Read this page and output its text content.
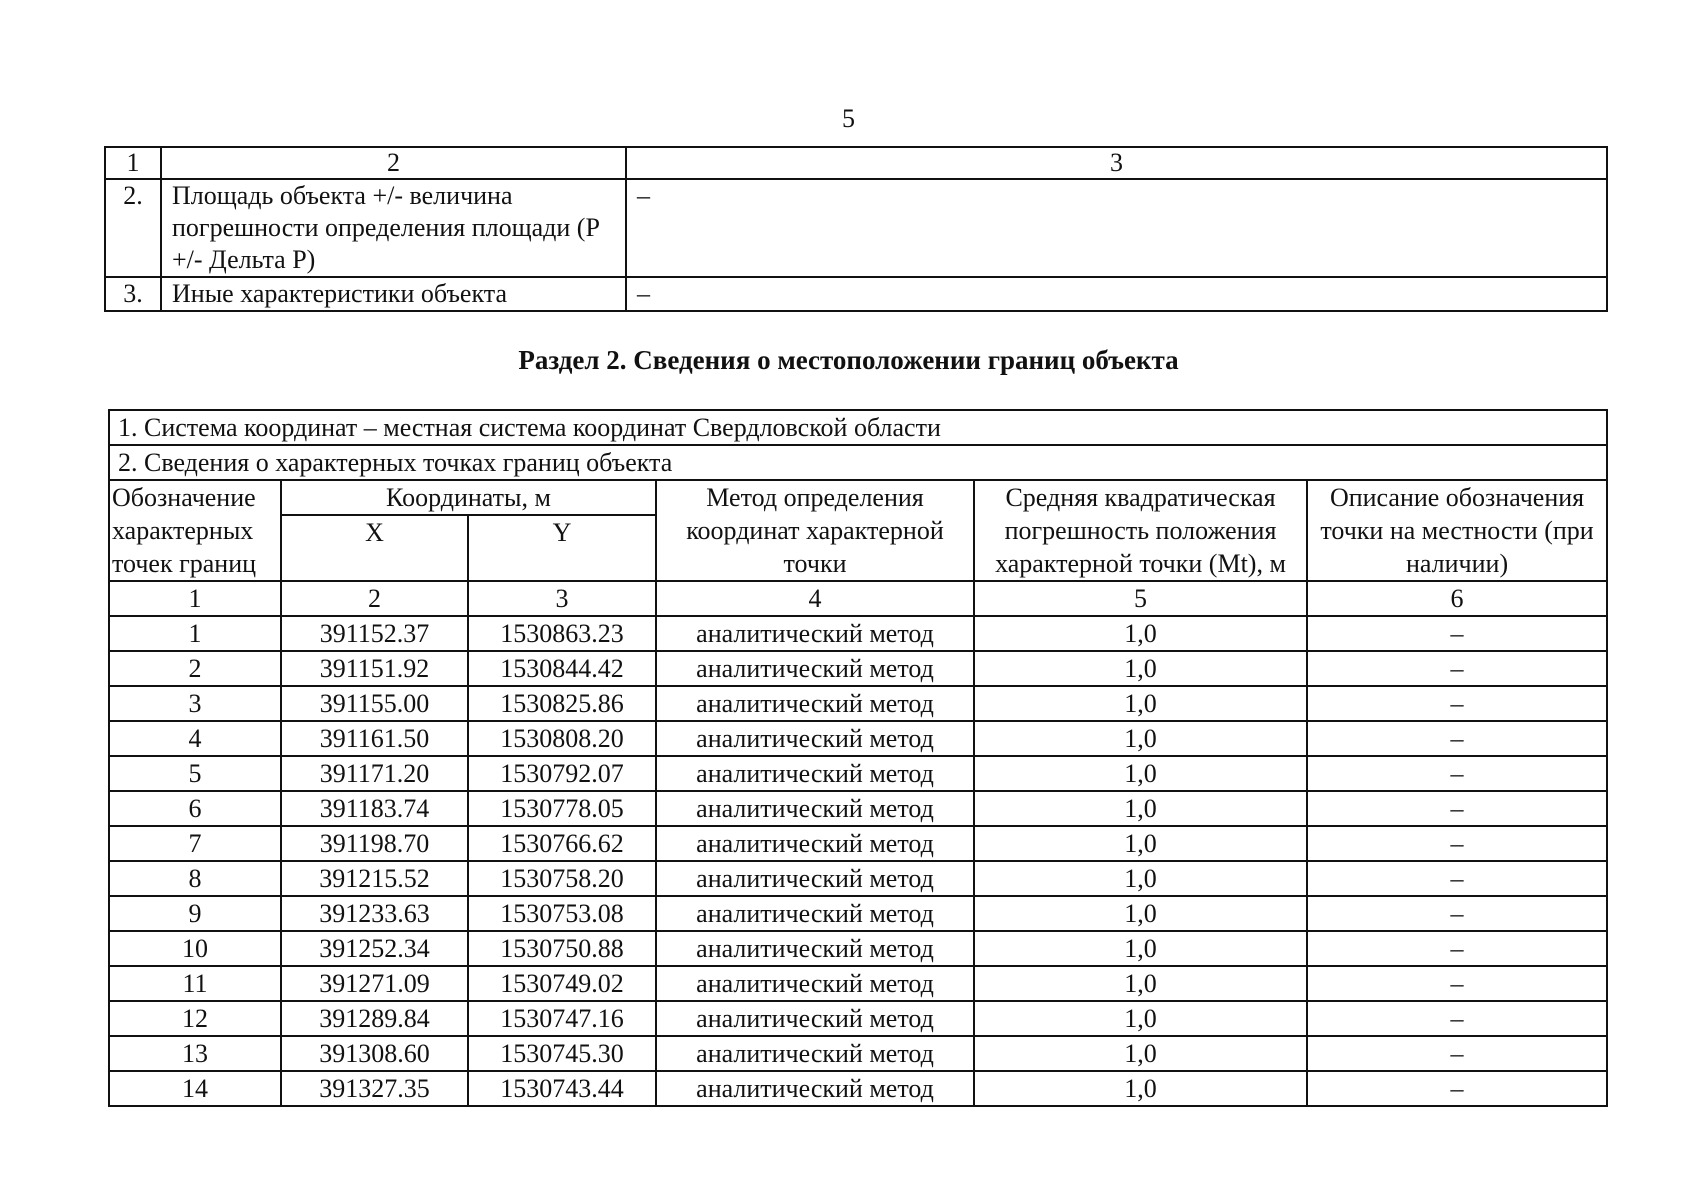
5
1	2	3
2.	Площадь объекта +/- величина погрешности определения площади (P +/- Дельта P)	–
3.	Иные характеристики объекта	–
Раздел 2. Сведения о местоположении границ объекта
1. Система координат – местная система координат Свердловской области					
2. Сведения о характерных точках границ объекта					
Обозначение характерных точек границ	Координаты, м		Метод определения координат характерной точки	Средняя квадратическая погрешность положения характерной точки (Mt), м	Описание обозначения точки на местности (при наличии)
	X	Y			
1	2	3	4	5	6
1	391152.37	1530863.23	аналитический метод	1,0	–
2	391151.92	1530844.42	аналитический метод	1,0	–
3	391155.00	1530825.86	аналитический метод	1,0	–
4	391161.50	1530808.20	аналитический метод	1,0	–
5	391171.20	1530792.07	аналитический метод	1,0	–
6	391183.74	1530778.05	аналитический метод	1,0	–
7	391198.70	1530766.62	аналитический метод	1,0	–
8	391215.52	1530758.20	аналитический метод	1,0	–
9	391233.63	1530753.08	аналитический метод	1,0	–
10	391252.34	1530750.88	аналитический метод	1,0	–
11	391271.09	1530749.02	аналитический метод	1,0	–
12	391289.84	1530747.16	аналитический метод	1,0	–
13	391308.60	1530745.30	аналитический метод	1,0	–
14	391327.35	1530743.44	аналитический метод	1,0	–
